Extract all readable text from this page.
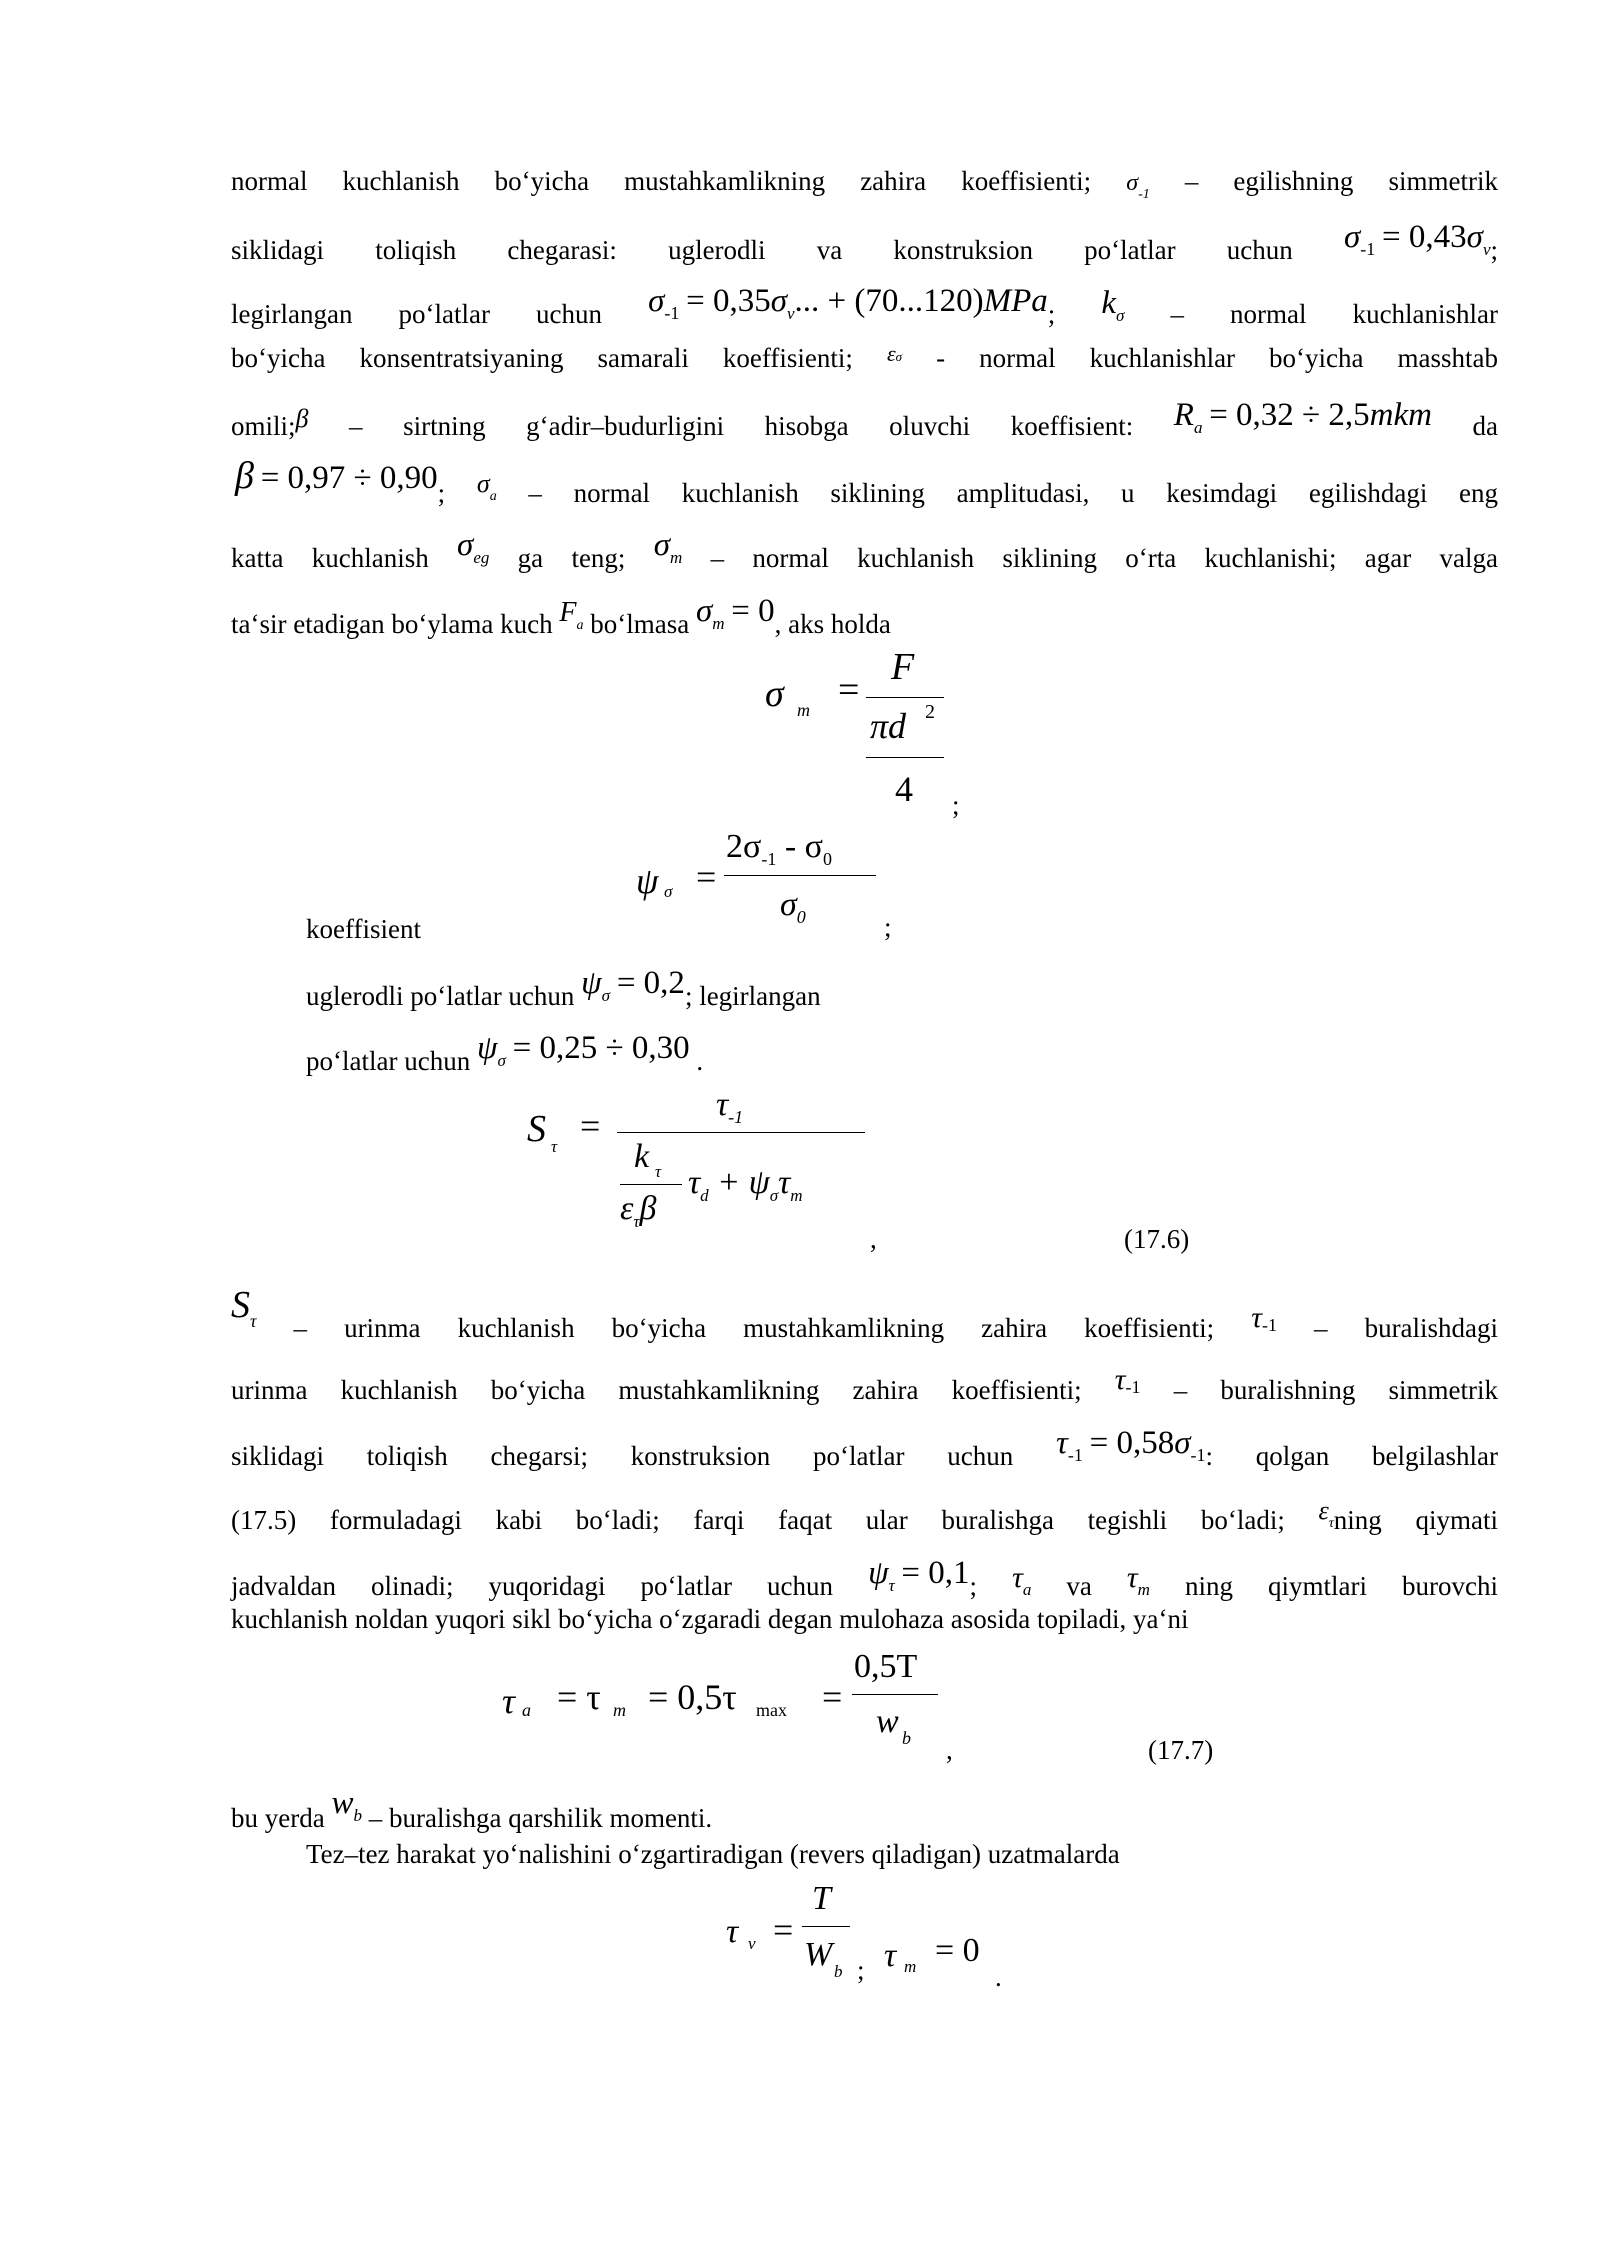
normal kuchlanish bo‘yicha mustahkamlikning zahira koeffisienti; $\sigma_{-1}$ – egilishning simmetrik
siklidagi toliqish chegarasi: uglerodli va konstruksion po‘latlar uchun $\sigma_{-1} = 0,43\sigma_v$;
legirlangan po‘latlar uchun $\sigma_{-1} = 0,35\sigma_v$... + (70...120)MPa; $k_\sigma$ – normal kuchlanishlar
bo‘yicha konsentratsiyaning samarali koeffisienti; $^{\varepsilon\sigma}$ - normal kuchlanishlar bo‘yicha masshtab
omili;β – sirtning g‘adir–budurligini hisobga oluvchi koeffisient: $R_a = 0,32 \div 2,5mkm$ da
β = 0,97 ÷ 0,90; $\sigma_a$ – normal kuchlanish siklining amplitudasi, u kesimdagi egilishdagi eng
katta kuchlanish $\sigma_{eg}$ ga teng; $\sigma_m$ – normal kuchlanish siklining o‘rta kuchlanishi; agar valga
ta‘sir etadigan bo‘ylama kuch $F_a$ bo‘lmasa $\sigma_m = 0$, aks holda
σ m =
F
πd 2
4 ;
ψ σ =
$2\sigma_{-1} - \sigma_0$
$\sigma_0$	;
koeffisient
uglerodli po‘latlar uchun $\psi_\sigma = 0,2$; legirlangan
po‘latlar uchun $\psi_\sigma = 0,25 \div 0,30$ .
S τ
=
$\tau_{-1}$
k τ
$\varepsilon_\tau\beta$
$\tau_d + \psi_\sigma\tau_m$
,	(17.6)
$S_\tau$ – urinma kuchlanish bo‘yicha mustahkamlikning zahira koeffisienti; τ-1 – buralishdagi
urinma kuchlanish bo‘yicha mustahkamlikning zahira koeffisienti; τ-1 – buralishning simmetrik
siklidagi toliqish chegarsi; konstruksion po‘latlar uchun $\tau_{-1} = 0,58\sigma_{-1}$: qolgan belgilashlar
(17.5) formuladagi kabi bo‘ladi; farqi faqat ular buralishga tegishli bo‘ladi; $\varepsilon_\tau ning$ qiymati
jadvaldan olinadi; yuqoridagi po‘latlar uchun $\psi_\tau = 0,1$; $\tau_a$ va $\tau_m$ ning qiymtlari burovchi
kuchlanish noldan yuqori sikl bo‘yicha o‘zgaradi degan mulohaza asosida topiladi, ya‘ni
τ a = τ m = 0,5τ max =
0,5T
w b ,	(17.7)
bu yerda $w_b$ – buralishga qarshilik momenti.
Tez–tez harakat yo‘nalishini o‘zgartiradigan (revers qiladigan) uzatmalarda
τ v =
T
W b ; τ m = 0
.
